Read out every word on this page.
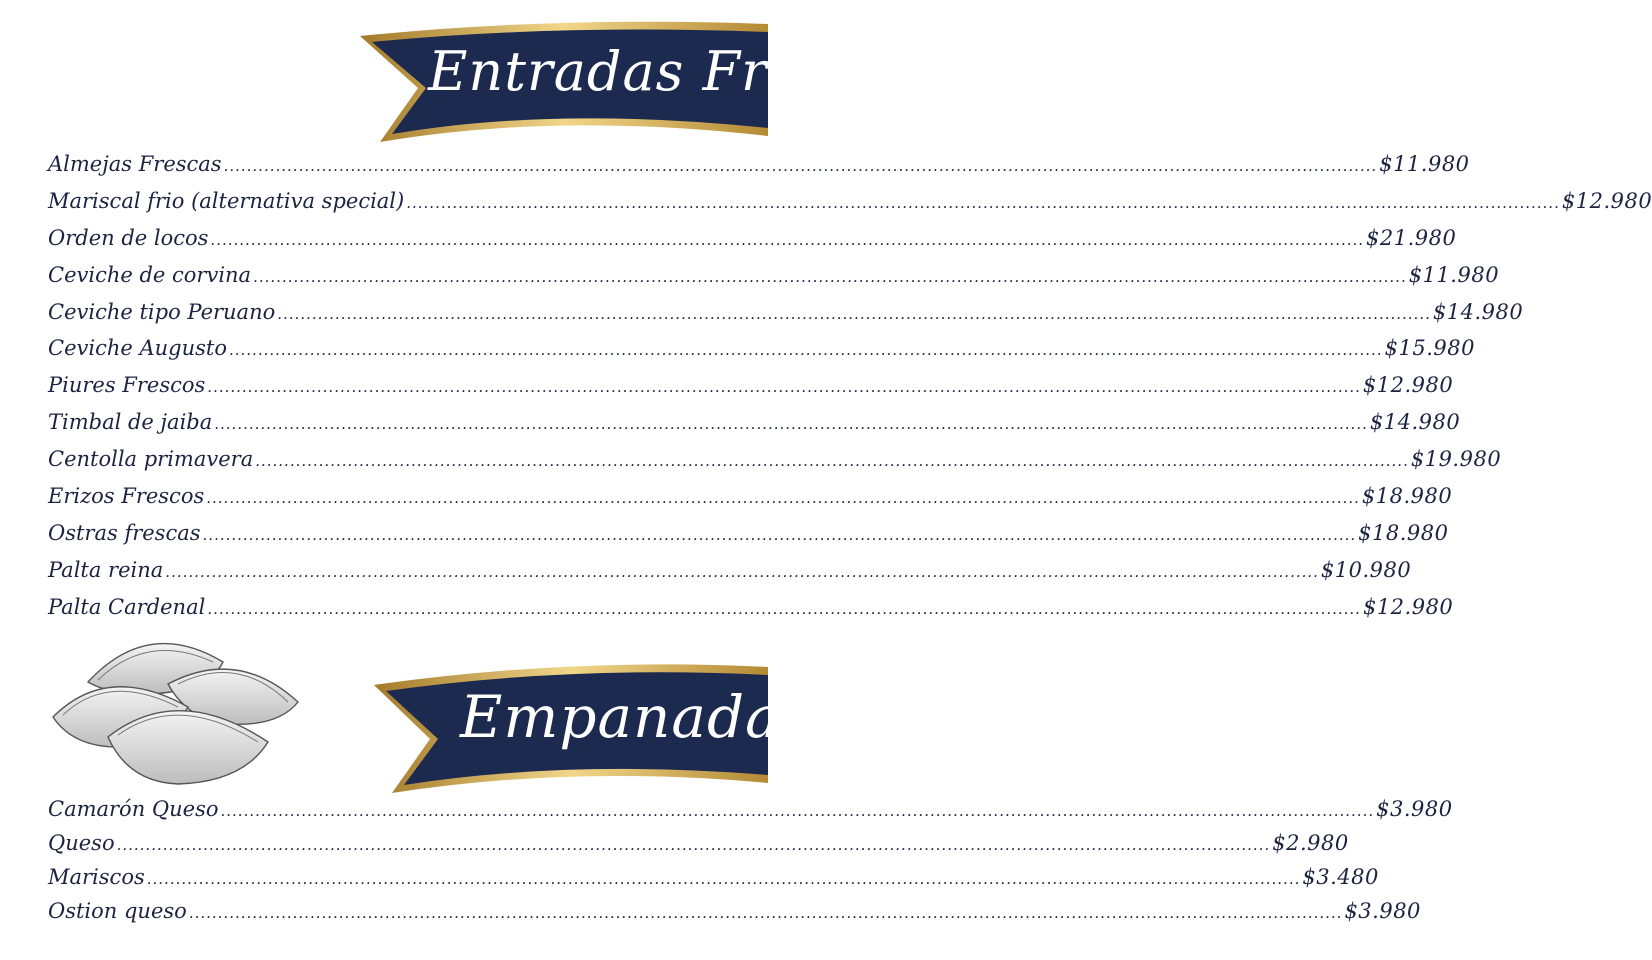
Entradas Frias
Almejas Frescas ........................................................................................................................................................................................................ $11.980
Mariscal frio (alternativa special) ........................................................................................................................................................................................................ $12.980
Orden de locos ........................................................................................................................................................................................................ $21.980
Ceviche de corvina ........................................................................................................................................................................................................ $11.980
Ceviche tipo Peruano ........................................................................................................................................................................................................ $14.980
Ceviche Augusto ........................................................................................................................................................................................................ $15.980
Piures Frescos ........................................................................................................................................................................................................ $12.980
Timbal de jaiba ........................................................................................................................................................................................................ $14.980
Centolla primavera ........................................................................................................................................................................................................ $19.980
Erizos Frescos ........................................................................................................................................................................................................ $18.980
Ostras frescas ........................................................................................................................................................................................................ $18.980
Palta reina ........................................................................................................................................................................................................ $10.980
Palta Cardenal ........................................................................................................................................................................................................ $12.980
Empanadas
Camarón Queso ........................................................................................................................................................................................................ $3.980
Queso ........................................................................................................................................................................................................ $2.980
Mariscos ........................................................................................................................................................................................................ $3.480
Ostion queso ........................................................................................................................................................................................................ $3.980
